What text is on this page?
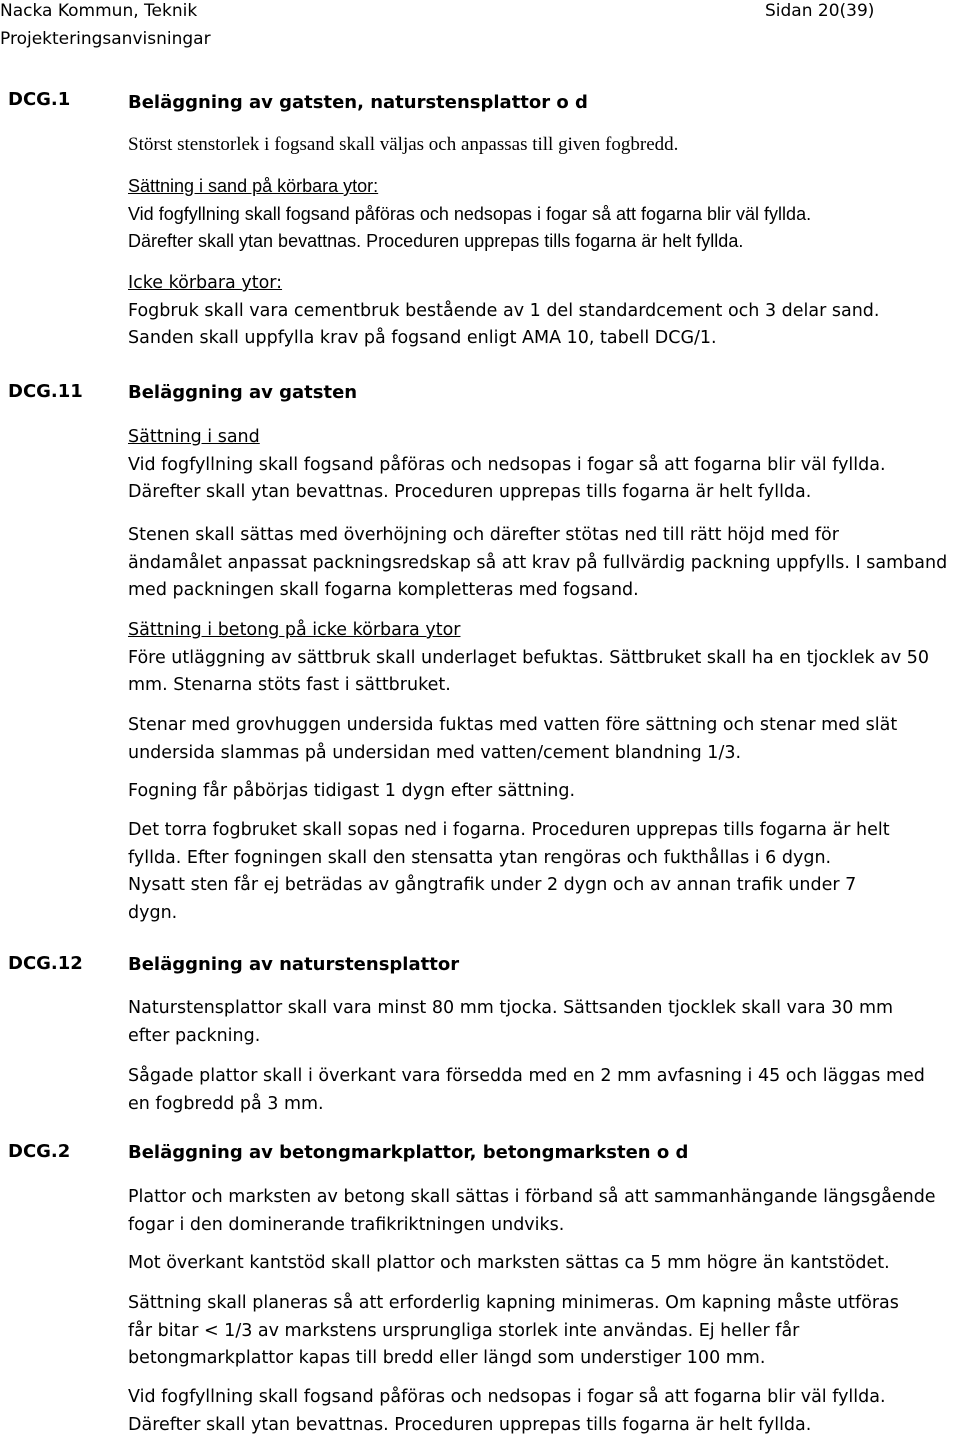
Nacka Kommun, Teknik
Projekteringsanvisningar
Sidan 20(39)
DCG.1	Beläggning av gatsten, naturstensplattor o d
Störst stenstorlek i fogsand skall väljas och anpassas till given fogbredd.
Sättning i sand på körbara ytor:
Vid fogfyllning skall fogsand påföras och nedsopas i fogar så att fogarna blir väl fyllda.
Därefter skall ytan bevattnas. Proceduren upprepas tills fogarna är helt fyllda.
Icke körbara ytor:
Fogbruk skall vara cementbruk bestående av 1 del standardcement och 3 delar sand.
Sanden skall uppfylla krav på fogsand enligt AMA 10, tabell DCG/1.
DCG.11	Beläggning av gatsten
Sättning i sand
Vid fogfyllning skall fogsand påföras och nedsopas i fogar så att fogarna blir väl fyllda.
Därefter skall ytan bevattnas. Proceduren upprepas tills fogarna är helt fyllda.
Stenen skall sättas med överhöjning och därefter stötas ned till rätt höjd med för
ändamålet anpassat packningsredskap så att krav på fullvärdig packning uppfylls. I samband
med packningen skall fogarna kompletteras med fogsand.
Sättning i betong på icke körbara ytor
Före utläggning av sättbruk skall underlaget befuktas. Sättbruket skall ha en tjocklek av 50
mm. Stenarna stöts fast i sättbruket.
Stenar med grovhuggen undersida fuktas med vatten före sättning och stenar med slät
undersida slammas på undersidan med vatten/cement blandning 1/3.
Fogning får påbörjas tidigast 1 dygn efter sättning.
Det torra fogbruket skall sopas ned i fogarna. Proceduren upprepas tills fogarna är helt
fyllda. Efter fogningen skall den stensatta ytan rengöras och fukthållas i 6 dygn.
Nysatt sten får ej beträdas av gångtrafik under 2 dygn och av annan trafik under 7
dygn.
DCG.12	Beläggning av naturstensplattor
Naturstensplattor skall vara minst 80 mm tjocka. Sättsanden tjocklek skall vara 30 mm
efter packning.
Sågade plattor skall i överkant vara försedda med en 2 mm avfasning i 45 och läggas med
en fogbredd på 3 mm.
DCG.2	Beläggning av betongmarkplattor, betongmarksten o d
Plattor och marksten av betong skall sättas i förband så att sammanhängande längsgående
fogar i den dominerande trafikriktningen undviks.
Mot överkant kantstöd skall plattor och marksten sättas ca 5 mm högre än kantstödet.
Sättning skall planeras så att erforderlig kapning minimeras. Om kapning måste utföras
får bitar < 1/3 av markstens ursprungliga storlek inte användas. Ej heller får
betongmarkplattor kapas till bredd eller längd som understiger 100 mm.
Vid fogfyllning skall fogsand påföras och nedsopas i fogar så att fogarna blir väl fyllda.
Därefter skall ytan bevattnas. Proceduren upprepas tills fogarna är helt fyllda.
